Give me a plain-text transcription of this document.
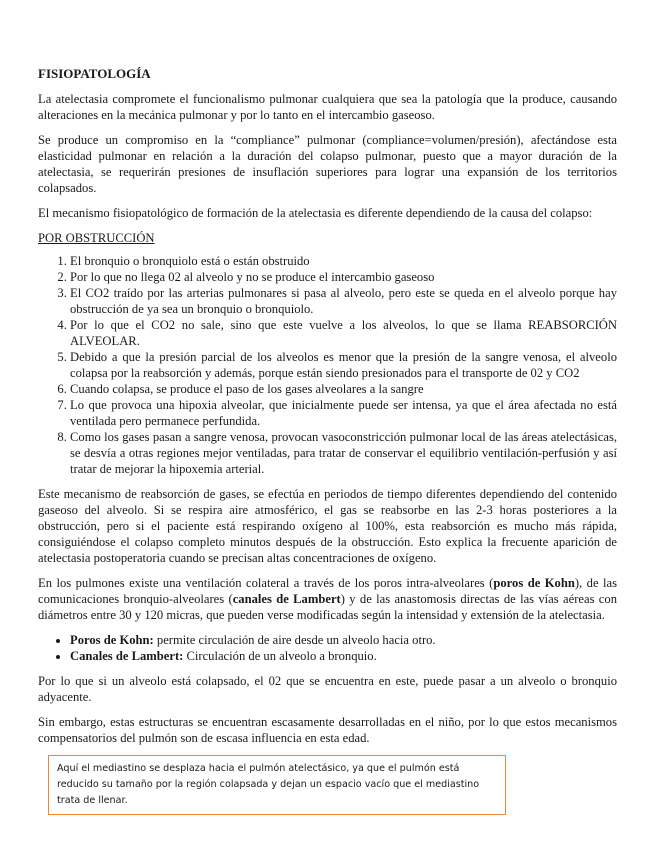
FISIOPATOLOGÍA

La atelectasia compromete el funcionalismo pulmonar cualquiera que sea la patología que la produce, causando alteraciones en la mecánica pulmonar y por lo tanto en el intercambio gaseoso.

Se produce un compromiso en la “compliance” pulmonar (compliance=volumen/presión), afectándose esta elasticidad pulmonar en relación a la duración del colapso pulmonar, puesto que a mayor duración de la atelectasia, se requerirán presiones de insuflación superiores para lograr una expansión de los territorios colapsados.

El mecanismo fisiopatológico de formación de la atelectasia es diferente dependiendo de la causa del colapso:

POR OBSTRUCCIÓN
1. El bronquio o bronquiolo está o están obstruido
2. Por lo que no llega 02 al alveolo y no se produce el intercambio gaseoso
3. El CO2 traído por las arterias pulmonares si pasa al alveolo, pero este se queda en el alveolo porque hay obstrucción de ya sea un bronquio o bronquiolo.
4. Por lo que el CO2 no sale, sino que este vuelve a los alveolos, lo que se llama REABSORCIÓN ALVEOLAR.
5. Debido a que la presión parcial de los alveolos es menor que la presión de la sangre venosa, el alveolo colapsa por la reabsorción y además, porque están siendo presionados para el transporte de 02 y CO2
6. Cuando colapsa, se produce el paso de los gases alveolares a la sangre
7. Lo que provoca una hipoxia alveolar, que inicialmente puede ser intensa, ya que el área afectada no está ventilada pero permanece perfundida.
8. Como los gases pasan a sangre venosa, provocan vasoconstricción pulmonar local de las áreas atelectásicas, se desvía a otras regiones mejor ventiladas, para tratar de conservar el equilibrio ventilación-perfusión y así tratar de mejorar la hipoxemia arterial.

Este mecanismo de reabsorción de gases, se efectúa en periodos de tiempo diferentes dependiendo del contenido gaseoso del alveolo. Si se respira aire atmosférico, el gas se reabsorbe en las 2-3 horas posteriores a la obstrucción, pero si el paciente está respirando oxígeno al 100%, esta reabsorción es mucho más rápida, consiguiéndose el colapso completo minutos después de la obstrucción. Esto explica la frecuente aparición de atelectasia postoperatoria cuando se precisan altas concentraciones de oxígeno.

En los pulmones existe una ventilación colateral a través de los poros intra-alveolares (poros de Kohn), de las comunicaciones bronquio-alveolares (canales de Lambert) y de las anastomosis directas de las vías aéreas con diámetros entre 30 y 120 micras, que pueden verse modificadas según la intensidad y extensión de la atelectasia.

• Poros de Kohn: permite circulación de aire desde un alveolo hacia otro.
• Canales de Lambert: Circulación de un alveolo a bronquio.

Por lo que si un alveolo está colapsado, el 02 que se encuentra en este, puede pasar a un alveolo o bronquio adyacente.

Sin embargo, estas estructuras se encuentran escasamente desarrolladas en el niño, por lo que estos mecanismos compensatorios del pulmón son de escasa influencia en esta edad.

Aquí el mediastino se desplaza hacia el pulmón atelectásico, ya que el pulmón está reducido su tamaño por la región colapsada y dejan un espacio vacío que el mediastino trata de llenar.
